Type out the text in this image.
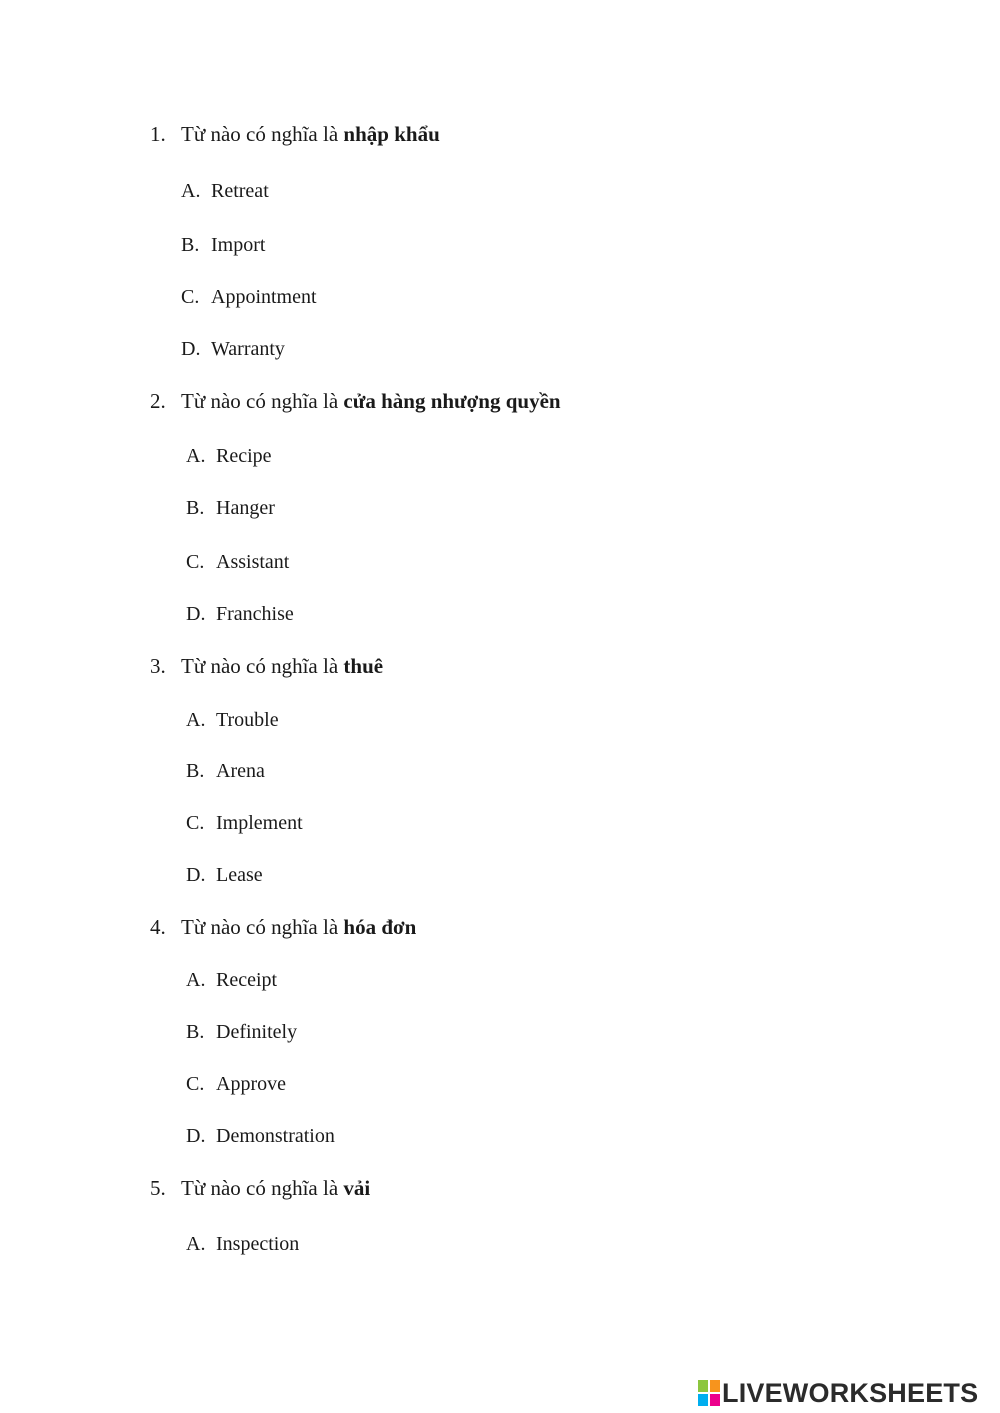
1. Từ nào có nghĩa là nhập khẩu
A. Retreat
B. Import
C. Appointment
D. Warranty
2. Từ nào có nghĩa là cửa hàng nhượng quyền
A. Recipe
B. Hanger
C. Assistant
D. Franchise
3. Từ nào có nghĩa là thuê
A. Trouble
B. Arena
C. Implement
D. Lease
4. Từ nào có nghĩa là hóa đơn
A. Receipt
B. Definitely
C. Approve
D. Demonstration
5. Từ nào có nghĩa là vải
A. Inspection
LIVEWORKSHEETS
